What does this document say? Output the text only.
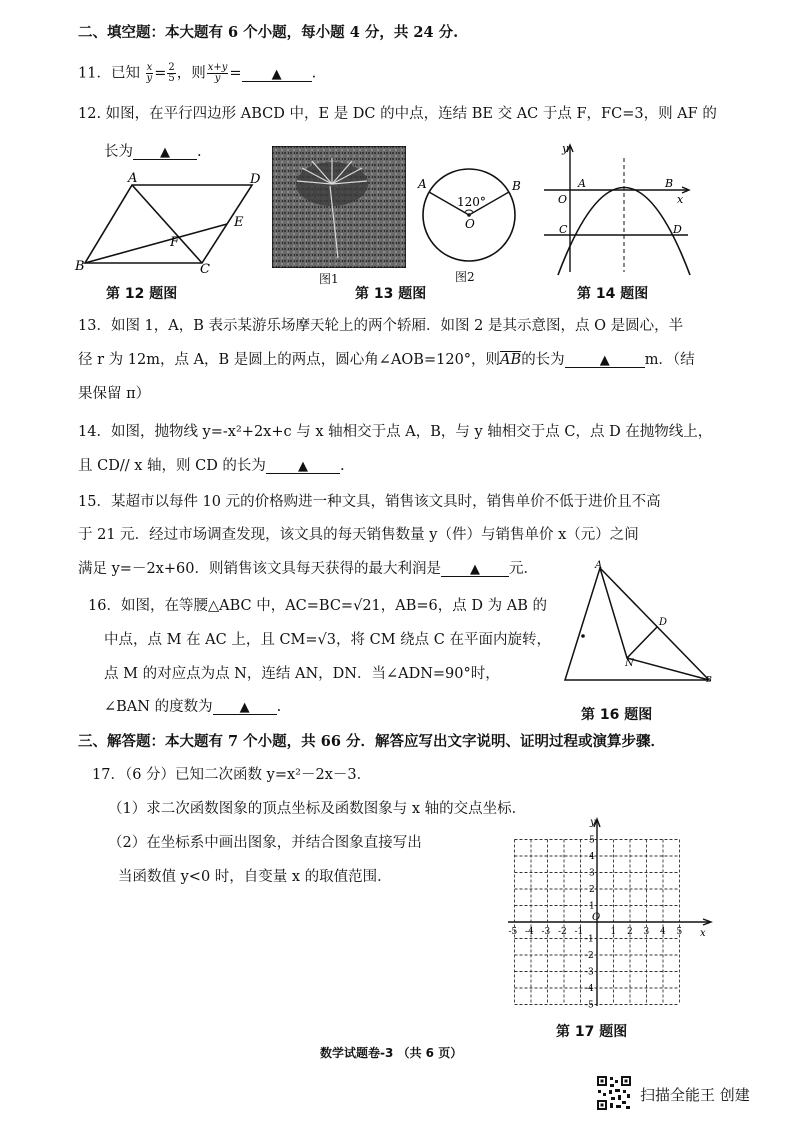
二、填空题：本大题有 6 个小题，每小题 4 分，共 24 分.
11．已知 $\frac{x}{y} = \frac{2}{5}$ ，则 $\frac{x+y}{y}$ = ▲ .
12. 如图，在平行四边形 ABCD 中，E 是 DC 的中点，连结 BE 交 AC 于点 F，FC=3，则 AF 的
长为 ▲ .
A	D
B	C
E
F
第 12 题图
图1
A	B
120°
O
图2
第 13 题图
y
x
O
A	B
C	D
第 14 题图
13．如图 1，A，B 表示某游乐场摩天轮上的两个轿厢．如图 2 是其示意图，点 O 是圆心，半
径 r 为 12m，点 A，B 是圆上的两点，圆心角∠AOB=120°，则$\overline{AB}$的长为	▲ m．（结
果保留 π）
14．如图，抛物线 y=-x²+2x+c 与 x 轴相交于点 A，B，与 y 轴相交于点 C，点 D 在抛物线上，
且 CD// x 轴，则 CD 的长为 ▲ .
15．某超市以每件 10 元的价格购进一种文具，销售该文具时，销售单价不低于进价且不高
于 21 元．经过市场调查发现，该文具的每天销售数量 y（件）与销售单价 x（元）之间
满足 y=－2x+60．则销售该文具每天获得的最大利润是 ▲ 元．
16．如图，在等腰△ABC 中，AC=BC=√21，AB=6，点 D 为 AB 的
中点，点 M 在 AC 上，且 CM=√3，将 CM 绕点 C 在平面内旋转，
点 M 的对应点为点 N，连结 AN，DN．当∠ADN=90°时，
∠BAN 的度数为 ▲ .
A
D
N
B
第 16 题图
三、解答题：本大题有 7 个小题，共 66 分．解答应写出文字说明、证明过程或演算步骤．
17．（6 分）已知二次函数 y=x²－2x－3．
（1）求二次函数图象的顶点坐标及函数图象与 x 轴的交点坐标．
（2）在坐标系中画出图象，并结合图象直接写出
当函数值 y<0 时，自变量 x 的取值范围．
y
x
O
-5 -4 -3 -2 -1	1 2 3 4 5
5
4
3
2
1
-1
-2
-3
-4
-5
第 17 题图
数学试题卷-3 （共 6 页）
扫描全能王 创建
